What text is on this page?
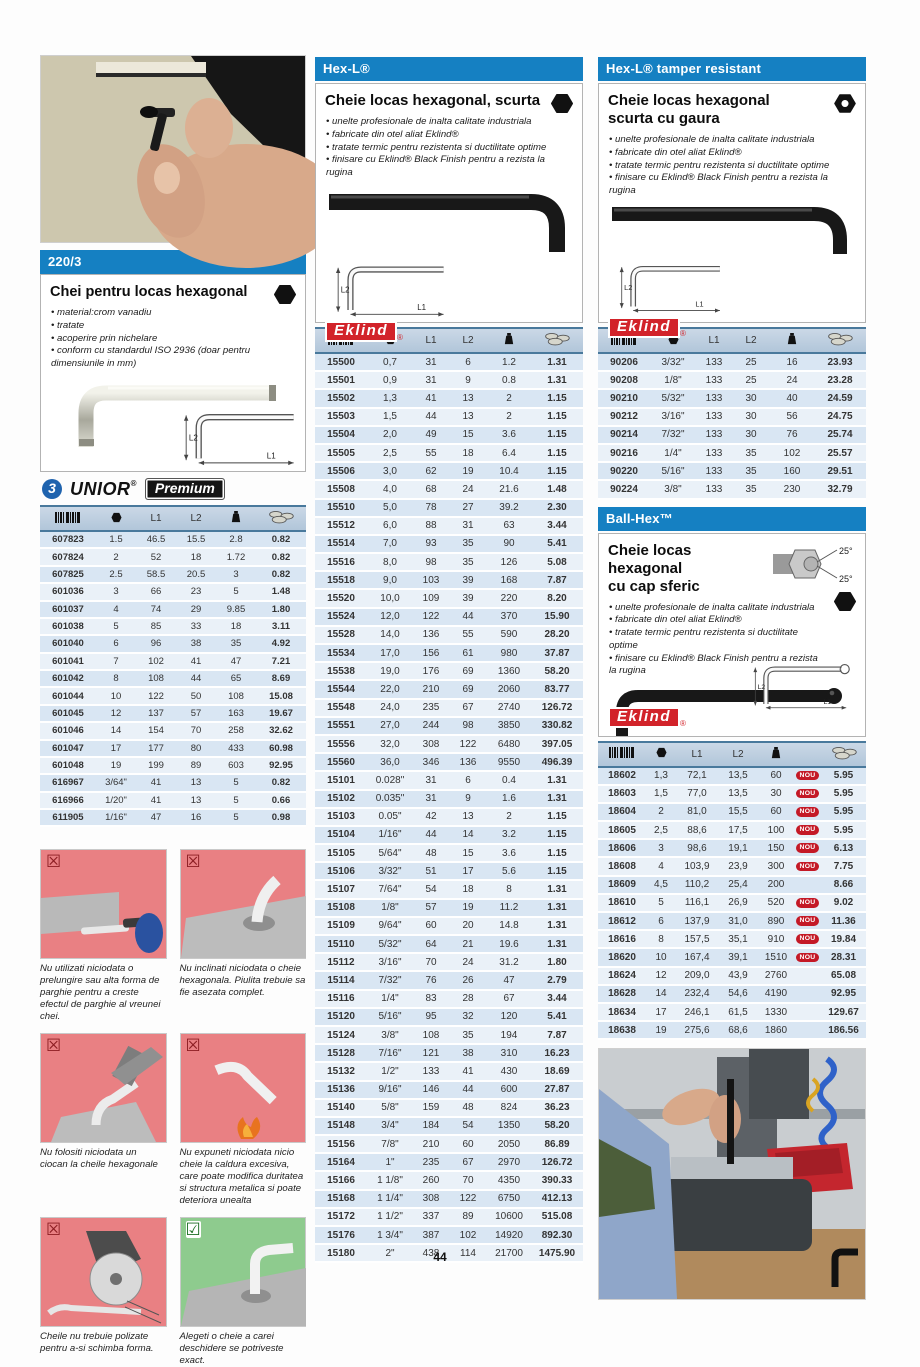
220/3
Chei pentru locas hexagonal
• material:crom vanadiu
• tratate
• acoperire prin nichelare
• conform cu standardul ISO 2936 (doar pentru dimensiunile in mm)
L2
L1
3 UNIOR®	Premium
		L1	L2		
607823	1.5	46.5	15.5	2.8	0.82
607824	2	52	18	1.72	0.82
607825	2.5	58.5	20.5	3	0.82
601036	3	66	23	5	1.48
601037	4	74	29	9.85	1.80
601038	5	85	33	18	3.11
601040	6	96	38	35	4.92
601041	7	102	41	47	7.21
601042	8	108	44	65	8.69
601044	10	122	50	108	15.08
601045	12	137	57	163	19.67
601046	14	154	70	258	32.62
601047	17	177	80	433	60.98
601048	19	199	89	603	92.95
616967	3/64"	41	13	5	0.82
616966	1/20"	41	13	5	0.66
611905	1/16"	47	16	5	0.98
☒

Nu utilizati niciodata o prelungire sau alta forma de parghie pentru a creste efectul de parghie al vreunei chei.

☒

Nu inclinati niciodata o cheie hexagonala. Piulita trebuie sa fie asezata complet.

☒

Nu folositi niciodata un ciocan la cheile hexagonale

☒

Nu expuneti niciodata nicio cheie la caldura excesiva, care poate modifica duritatea si structura metalica si poate deteriora unealta

☒

Cheile nu trebuie polizate pentru a-si schimba forma.

☑

Alegeti o cheie a carei deschidere se potriveste exact.

Hex-L®
Cheie locas hexagonal, scurta
• unelte profesionale de inalta calitate industriala
• fabricate din otel aliat Eklind®
• tratate termic pentru rezistenta si ductilitate optime
• finisare cu Eklind® Black Finish pentru a rezista la rugina
L2
L1
Eklind ®
			L1	L2		
15500	0,7	31	6	1.2	1.31
15501	0,9	31	9	0.8	1.31
15502	1,3	41	13	2	1.15
15503	1,5	44	13	2	1.15
15504	2,0	49	15	3.6	1.15
15505	2,5	55	18	6.4	1.15
15506	3,0	62	19	10.4	1.15
15508	4,0	68	24	21.6	1.48
15510	5,0	78	27	39.2	2.30
15512	6,0	88	31	63	3.44
15514	7,0	93	35	90	5.41
15516	8,0	98	35	126	5.08
15518	9,0	103	39	168	7.87
15520	10,0	109	39	220	8.20
15524	12,0	122	44	370	15.90
15528	14,0	136	55	590	28.20
15534	17,0	156	61	980	37.87
15538	19,0	176	69	1360	58.20
15544	22,0	210	69	2060	83.77
15548	24,0	235	67	2740	126.72
15551	27,0	244	98	3850	330.82
15556	32,0	308	122	6480	397.05
15560	36,0	346	136	9550	496.39
15101	0.028"	31	6	0.4	1.31
15102	0.035"	31	9	1.6	1.31
15103	0.05"	42	13	2	1.15
15104	1/16"	44	14	3.2	1.15
15105	5/64"	48	15	3.6	1.15
15106	3/32"	51	17	5.6	1.15
15107	7/64"	54	18	8	1.31
15108	1/8"	57	19	11.2	1.31
15109	9/64"	60	20	14.8	1.31
15110	5/32"	64	21	19.6	1.31
15112	3/16"	70	24	31.2	1.80
15114	7/32"	76	26	47	2.79
15116	1/4"	83	28	67	3.44
15120	5/16"	95	32	120	5.41
15124	3/8"	108	35	194	7.87
15128	7/16"	121	38	310	16.23
15132	1/2"	133	41	430	18.69
15136	9/16"	146	44	600	27.87
15140	5/8"	159	48	824	36.23
15148	3/4"	184	54	1350	58.20
15156	7/8"	210	60	2050	86.89
15164	1"	235	67	2970	126.72
15166	1 1/8"	260	70	4350	390.33
15168	1 1/4"	308	122	6750	412.13
15172	1 1/2"	337	89	10600	515.08
15176	1 3/4"	387	102	14920	892.30
15180	2"	438	114	21700	1475.90
Hex-L® tamper resistant
Cheie locas hexagonal
scurta cu gaura
• unelte profesionale de inalta calitate industriala
• fabricate din otel aliat Eklind®
• tratate termic pentru rezistenta si ductilitate optime
• finisare cu Eklind® Black Finish pentru a rezista la rugina
L2
L1
Eklind ®
		L1	L2		
90206	3/32"	133	25	16	23.93
90208	1/8"	133	25	24	23.28
90210	5/32"	133	30	40	24.59
90212	3/16"	133	30	56	24.75
90214	7/32"	133	30	76	25.74
90216	1/4"	133	35	102	25.57
90220	5/16"	133	35	160	29.51
90224	3/8"	133	35	230	32.79
Ball-Hex™
Cheie locas hexagonal
cu cap sferic
25°
25°
• unelte profesionale de inalta calitate industriala
• fabricate din otel aliat Eklind®
• tratate termic pentru rezistenta si ductilitate optime
• finisare cu Eklind® Black Finish pentru a rezista la rugina
L2
L1
Eklind ®
		L1	L2			
18602	1,3	72,1	13,5	60	NOU	5.95
18603	1,5	77,0	13,5	30	NOU	5.95
18604	2	81,0	15,5	60	NOU	5.95
18605	2,5	88,6	17,5	100	NOU	5.95
18606	3	98,6	19,1	150	NOU	6.13
18608	4	103,9	23,9	300	NOU	7.75
18609	4,5	110,2	25,4	200		8.66
18610	5	116,1	26,9	520	NOU	9.02
18612	6	137,9	31,0	890	NOU	11.36
18616	8	157,5	35,1	910	NOU	19.84
18620	10	167,4	39,1	1510	NOU	28.31
18624	12	209,0	43,9	2760		65.08
18628	14	232,4	54,6	4190		92.95
18634	17	246,1	61,5	1330		129.67
18638	19	275,6	68,6	1860		186.56
44
